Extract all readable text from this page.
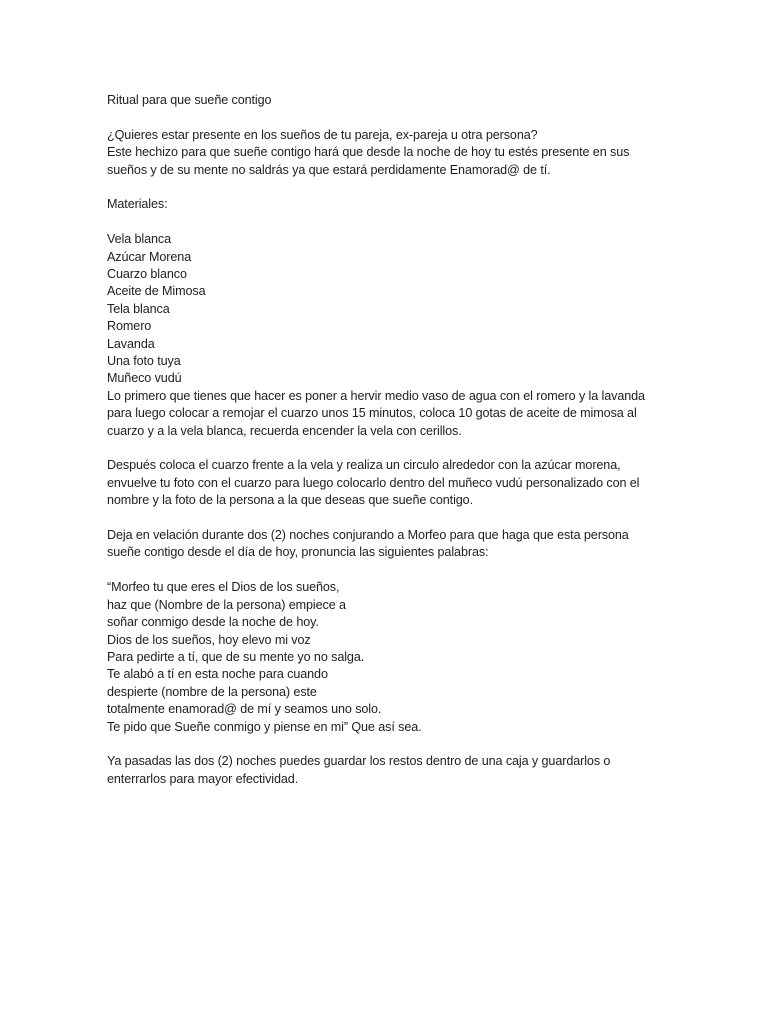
Ritual para que sueñe contigo
¿Quieres estar presente en los sueños de tu pareja, ex-pareja u otra persona?
Este hechizo para que sueñe contigo hará que desde la noche de hoy tu estés presente en sus
sueños y de su mente no saldrás ya que estará perdidamente Enamorad@ de tí.
Materiales:
Vela blanca
Azúcar Morena
Cuarzo blanco
Aceite de Mimosa
Tela blanca
Romero
Lavanda
Una foto tuya
Muñeco vudú
Lo primero que tienes que hacer es poner a hervir medio vaso de agua con el romero y la lavanda
para luego colocar a remojar el cuarzo unos 15 minutos, coloca 10 gotas de aceite de mimosa al
cuarzo y a la vela blanca, recuerda encender la vela con cerillos.
Después coloca el cuarzo frente a la vela y realiza un circulo alrededor con la azúcar morena,
envuelve tu foto con el cuarzo para luego colocarlo dentro del muñeco vudú personalizado con el
nombre y la foto de la persona a la que deseas que sueñe contigo.
Deja en velación durante dos (2) noches conjurando a Morfeo para que haga que esta persona
sueñe contigo desde el día de hoy, pronuncia las siguientes palabras:
“Morfeo tu que eres el Dios de los sueños,
haz que (Nombre de la persona) empiece a
soñar conmigo desde la noche de hoy.
Dios de los sueños, hoy elevo mi voz
Para pedirte a tí, que de su mente yo no salga.
Te alabó a tí en esta noche para cuando
despierte (nombre de la persona) este
totalmente enamorad@ de mí y seamos uno solo.
Te pido que Sueñe conmigo y piense en mi” Que así sea.
Ya pasadas las dos (2) noches puedes guardar los restos dentro de una caja y guardarlos o
enterrarlos para mayor efectividad.
